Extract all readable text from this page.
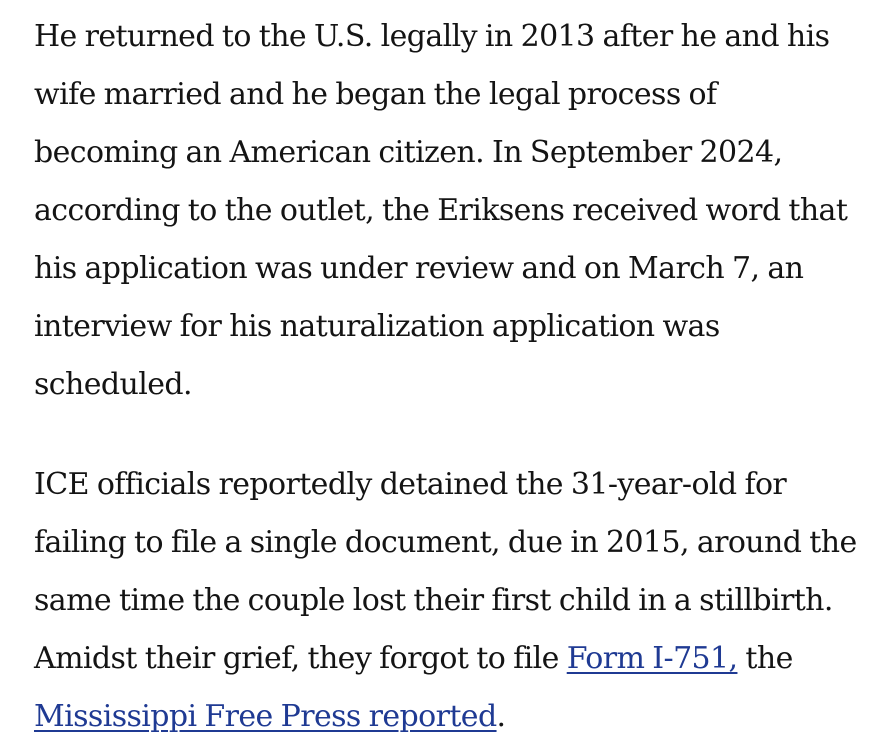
He returned to the U.S. legally in 2013 after he and his
wife married and he began the legal process of
becoming an American citizen. In September 2024,
according to the outlet, the Eriksens received word that
his application was under review and on March 7, an
interview for his naturalization application was
scheduled.

ICE officials reportedly detained the 31-year-old for
failing to file a single document, due in 2015, around the
same time the couple lost their first child in a stillbirth.
Amidst their grief, they forgot to file Form I-751, the
Mississippi Free Press reported.
